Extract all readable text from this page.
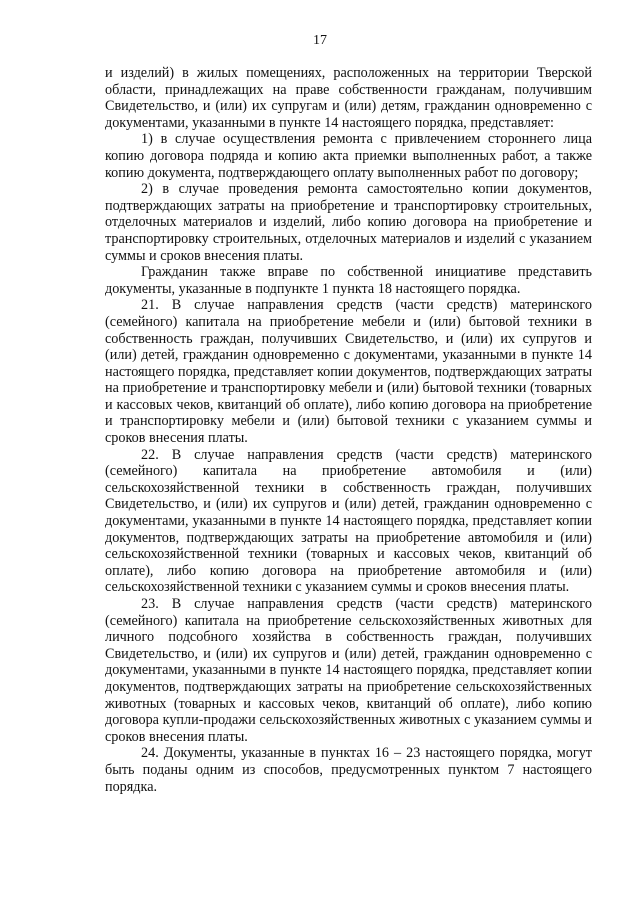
17

и изделий) в жилых помещениях, расположенных на территории Тверской области, принадлежащих на праве собственности гражданам, получившим Свидетельство, и (или) их супругам и (или) детям, гражданин одновременно с документами, указанными в пункте 14 настоящего порядка, представляет:

1) в случае осуществления ремонта с привлечением стороннего лица копию договора подряда и копию акта приемки выполненных работ, а также копию документа, подтверждающего оплату выполненных работ по договору;

2) в случае проведения ремонта самостоятельно копии документов, подтверждающих затраты на приобретение и транспортировку строительных, отделочных материалов и изделий, либо копию договора на приобретение и транспортировку строительных, отделочных материалов и изделий с указанием суммы и сроков внесения платы.

Гражданин также вправе по собственной инициативе представить документы, указанные в подпункте 1 пункта 18 настоящего порядка.

21. В случае направления средств (части средств) материнского (семейного) капитала на приобретение мебели и (или) бытовой техники в собственность граждан, получивших Свидетельство, и (или) их супругов и (или) детей, гражданин одновременно с документами, указанными в пункте 14 настоящего порядка, представляет копии документов, подтверждающих затраты на приобретение и транспортировку мебели и (или) бытовой техники (товарных и кассовых чеков, квитанций об оплате), либо копию договора на приобретение и транспортировку мебели и (или) бытовой техники с указанием суммы и сроков внесения платы.

22. В случае направления средств (части средств) материнского (семейного) капитала на приобретение автомобиля и (или) сельскохозяйственной техники в собственность граждан, получивших Свидетельство, и (или) их супругов и (или) детей, гражданин одновременно с документами, указанными в пункте 14 настоящего порядка, представляет копии документов, подтверждающих затраты на приобретение автомобиля и (или) сельскохозяйственной техники (товарных и кассовых чеков, квитанций об оплате), либо копию договора на приобретение автомобиля и (или) сельскохозяйственной техники с указанием суммы и сроков внесения платы.

23. В случае направления средств (части средств) материнского (семейного) капитала на приобретение сельскохозяйственных животных для личного подсобного хозяйства в собственность граждан, получивших Свидетельство, и (или) их супругов и (или) детей, гражданин одновременно с документами, указанными в пункте 14 настоящего порядка, представляет копии документов, подтверждающих затраты на приобретение сельскохозяйственных животных (товарных и кассовых чеков, квитанций об оплате), либо копию договора купли-продажи сельскохозяйственных животных с указанием суммы и сроков внесения платы.

24. Документы, указанные в пунктах 16 – 23 настоящего порядка, могут быть поданы одним из способов, предусмотренных пунктом 7 настоящего порядка.
